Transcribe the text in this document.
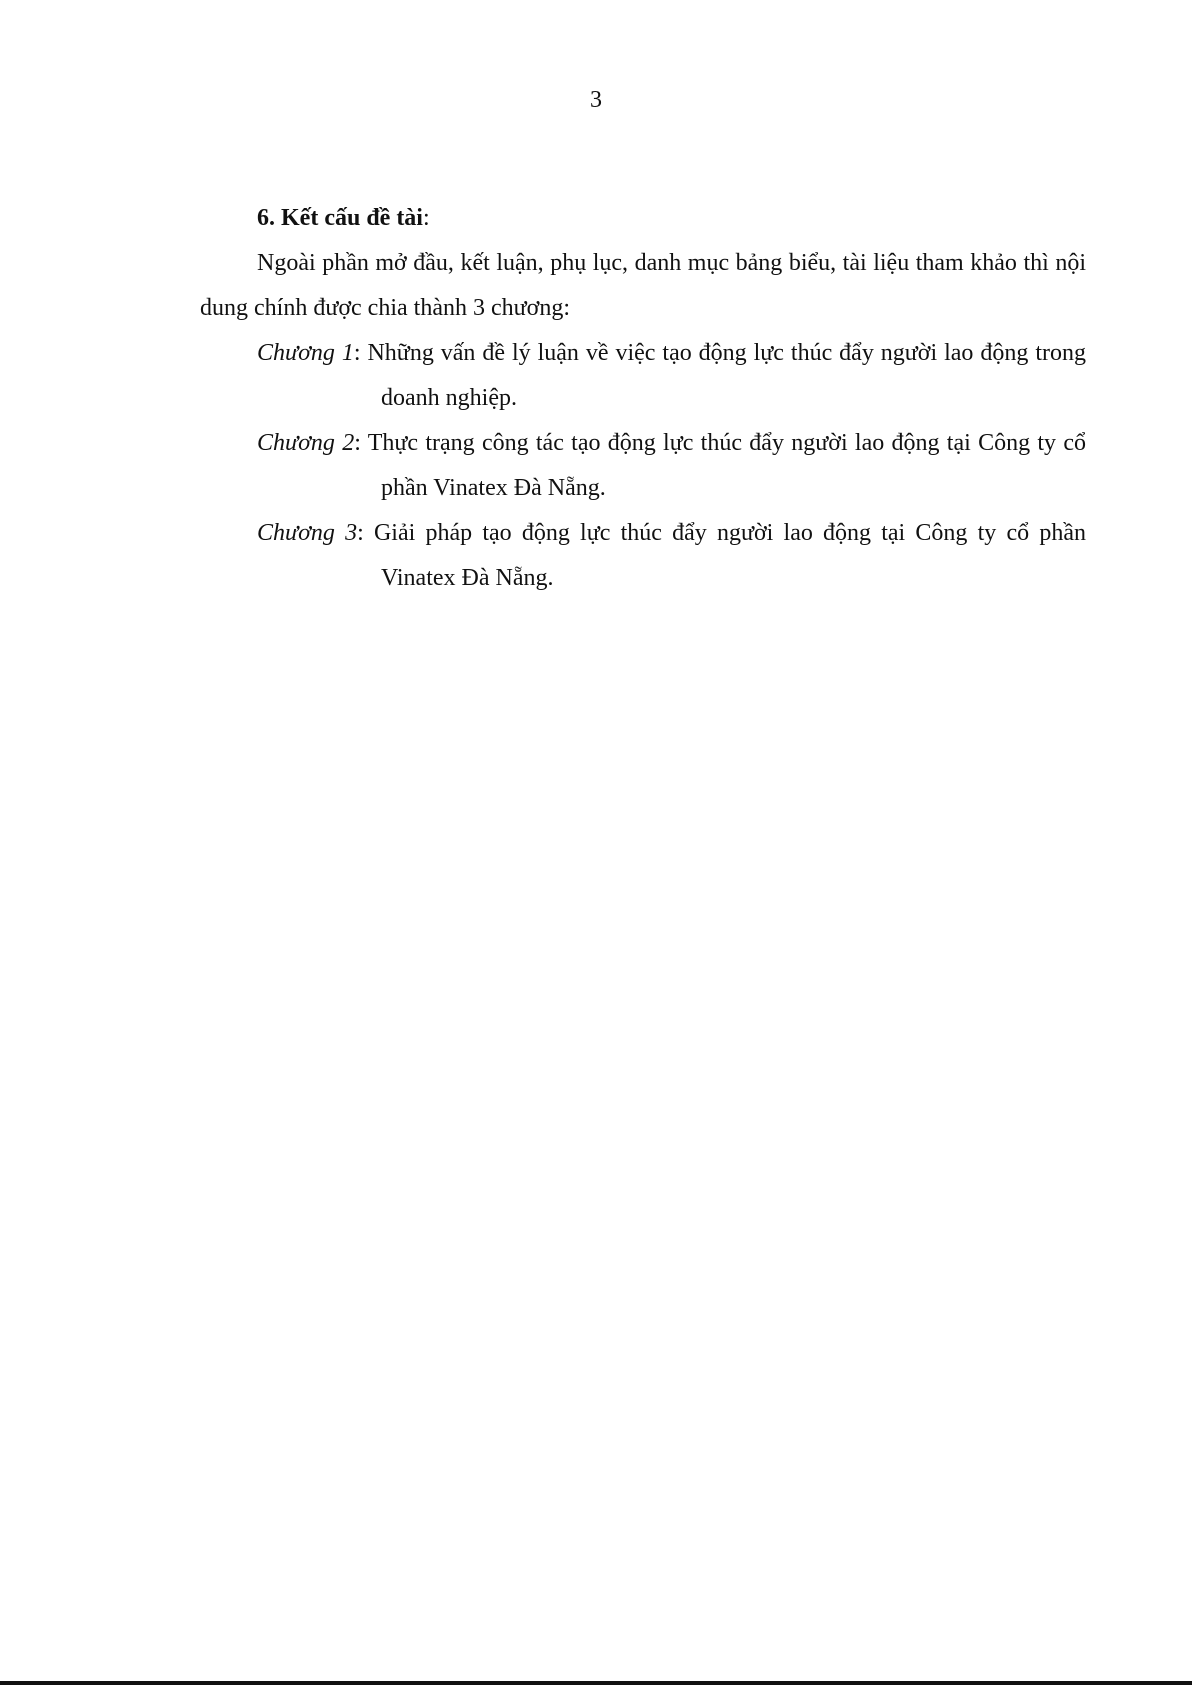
3

6. Kết cấu đề tài:

Ngoài phần mở đầu, kết luận, phụ lục, danh mục bảng biểu, tài liệu tham khảo thì nội dung chính được chia thành 3 chương:

Chương 1: Những vấn đề lý luận về việc tạo động lực thúc đẩy người lao động trong doanh nghiệp.

Chương 2: Thực trạng công tác tạo động lực thúc đẩy người lao động tại Công ty cổ phần Vinatex Đà Nẵng.

Chương 3: Giải pháp tạo động lực thúc đẩy người lao động tại Công ty cổ phần Vinatex Đà Nẵng.
